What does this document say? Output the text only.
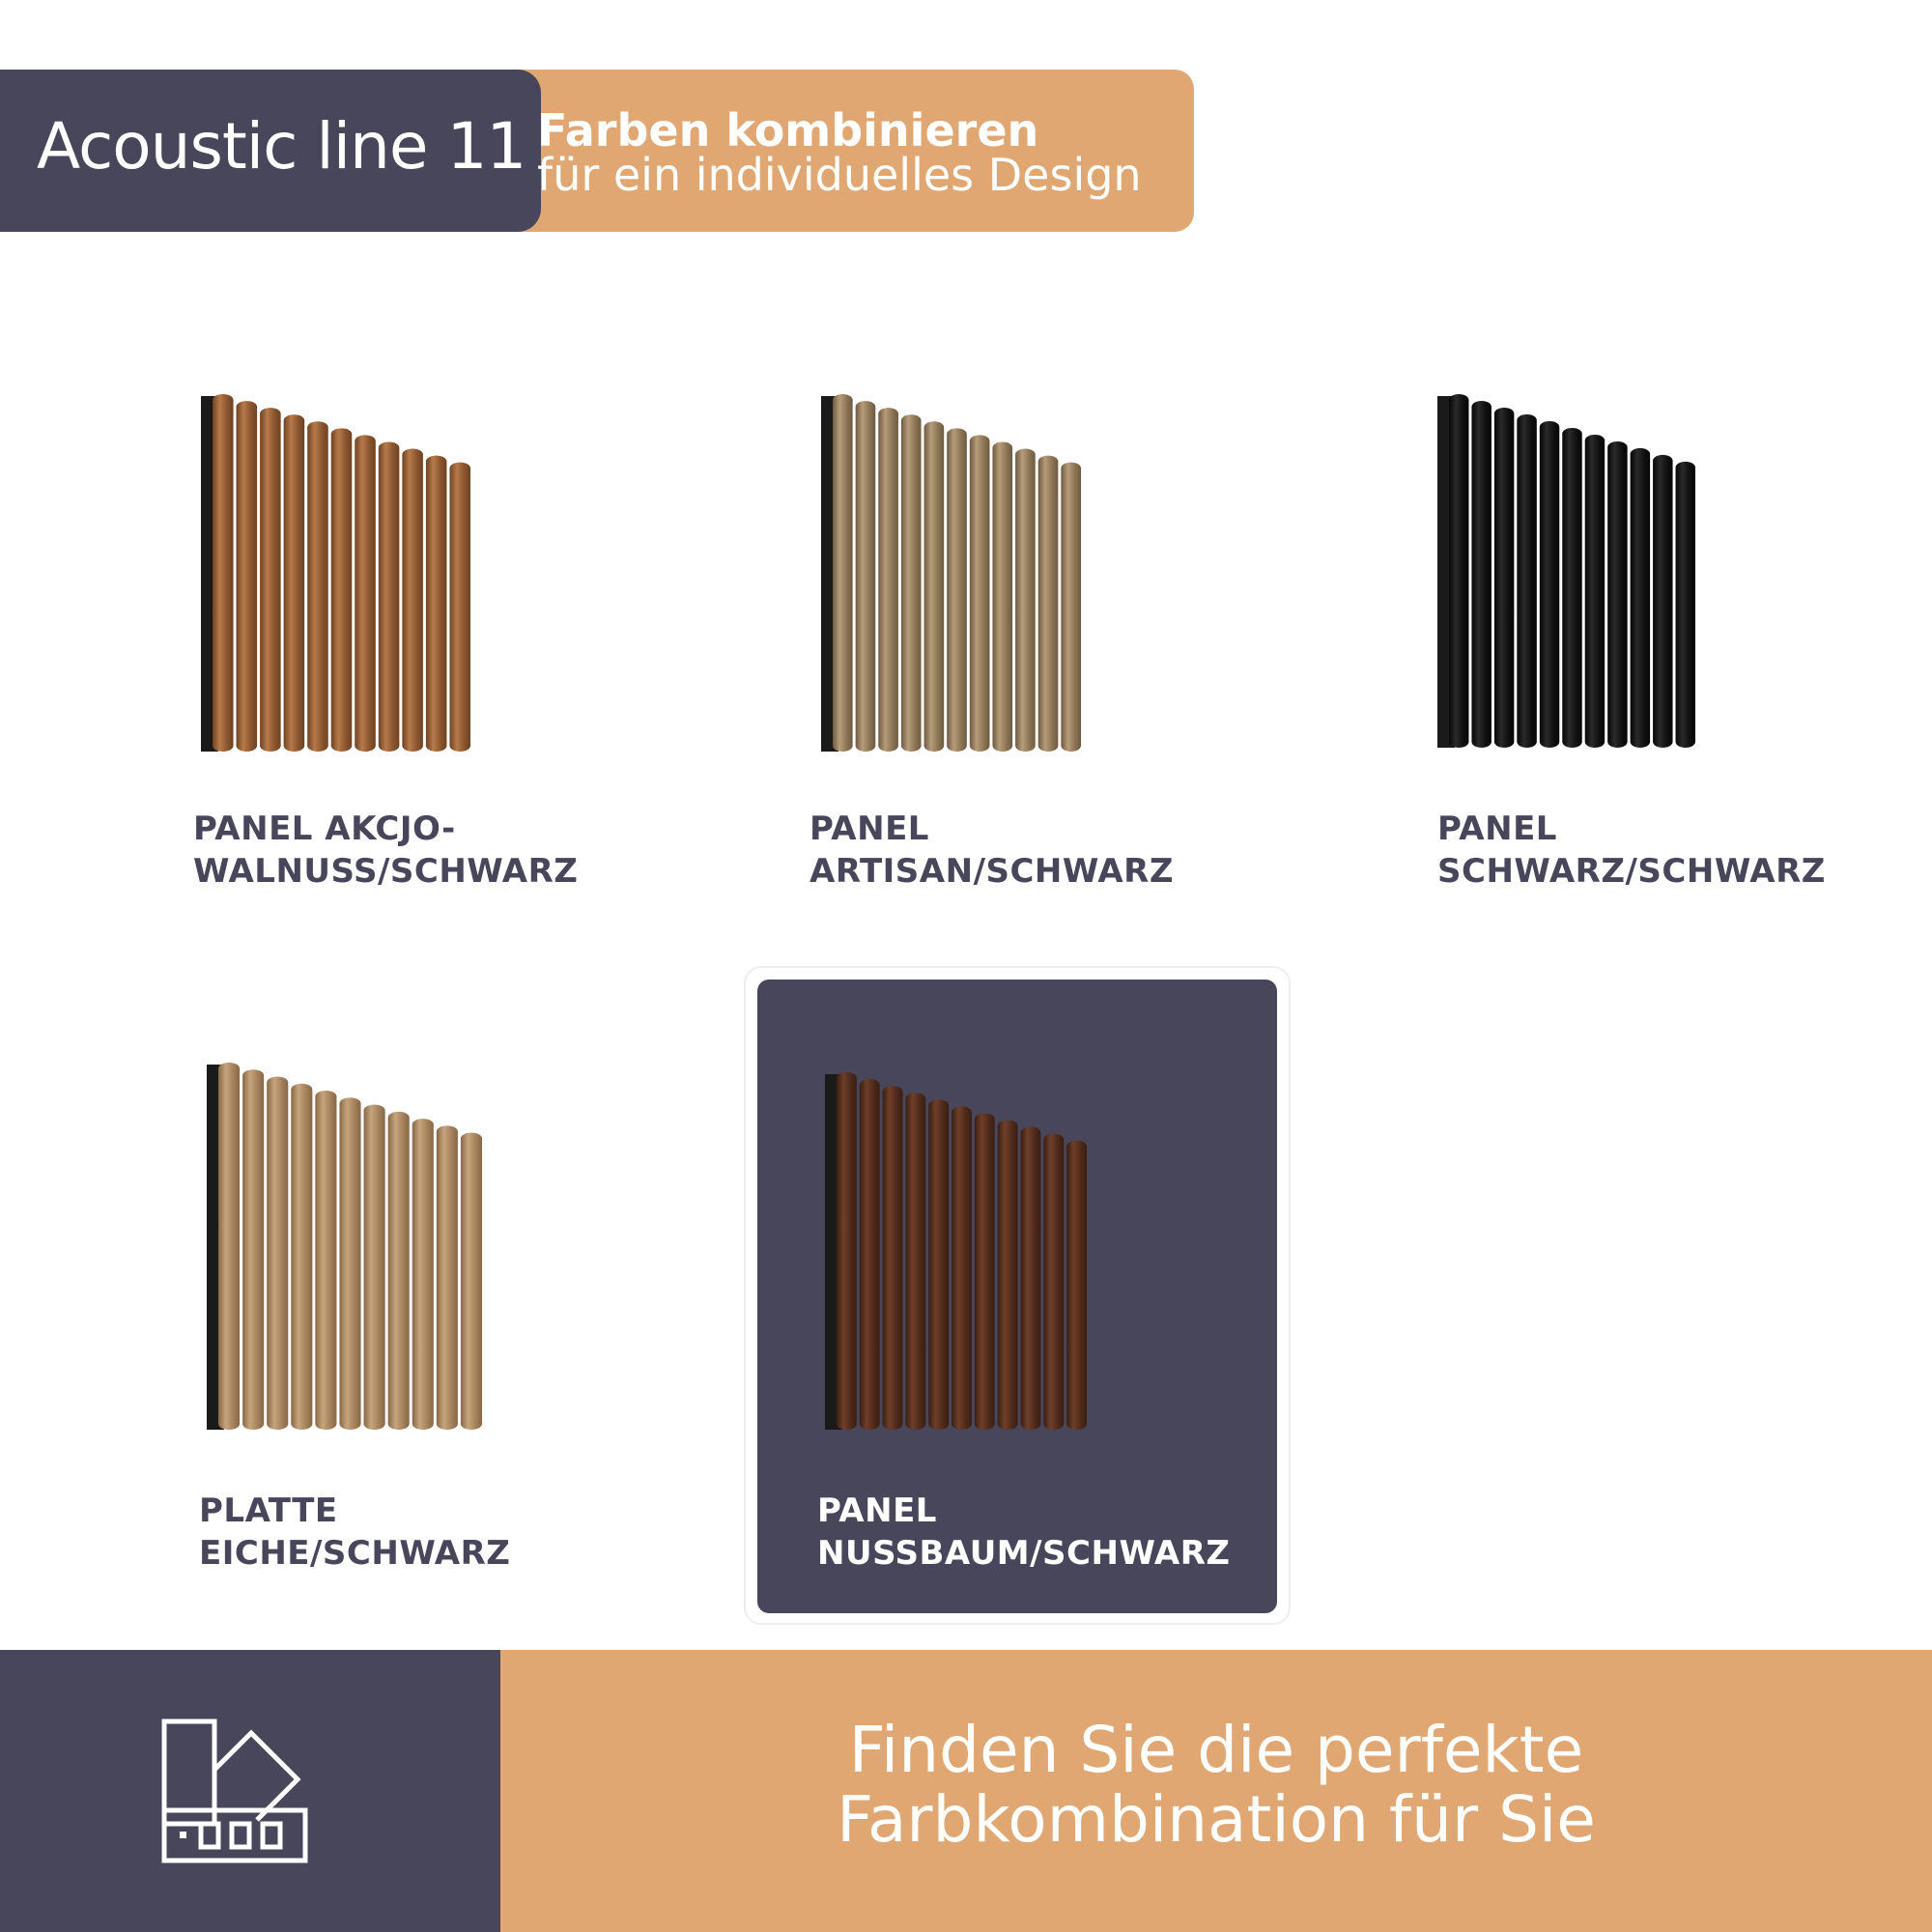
Acoustic line 11 Farben kombinieren
für ein individuelles Design
PANEL AKCJO-
WALNUSS/SCHWARZ
PANEL
ARTISAN/SCHWARZ
PANEL
SCHWARZ/SCHWARZ
PLATTE
EICHE/SCHWARZ
PANEL
NUSSBAUM/SCHWARZ
Finden Sie die perfekte
Farbkombination für Sie
